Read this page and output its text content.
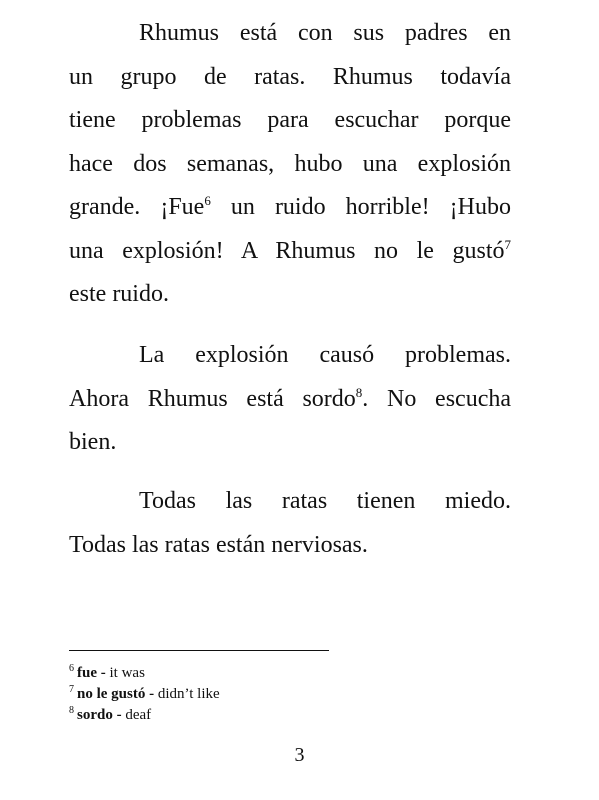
Rhumus está con sus padres en
un grupo de ratas. Rhumus todavía
tiene problemas para escuchar porque
hace dos semanas, hubo una explosión
grande. ¡Fue$^6$ un ruido horrible! ¡Hubo
una explosión! A Rhumus no le gustó$^7$
este ruido.
La explosión causó problemas.
Ahora Rhumus está sordo$^8$. No escucha
bien.
Todas las ratas tienen miedo.
Todas las ratas están nerviosas.
$^6$ fue - it was
$^7$ no le gustó - didn’t like
$^8$ sordo - deaf
3
